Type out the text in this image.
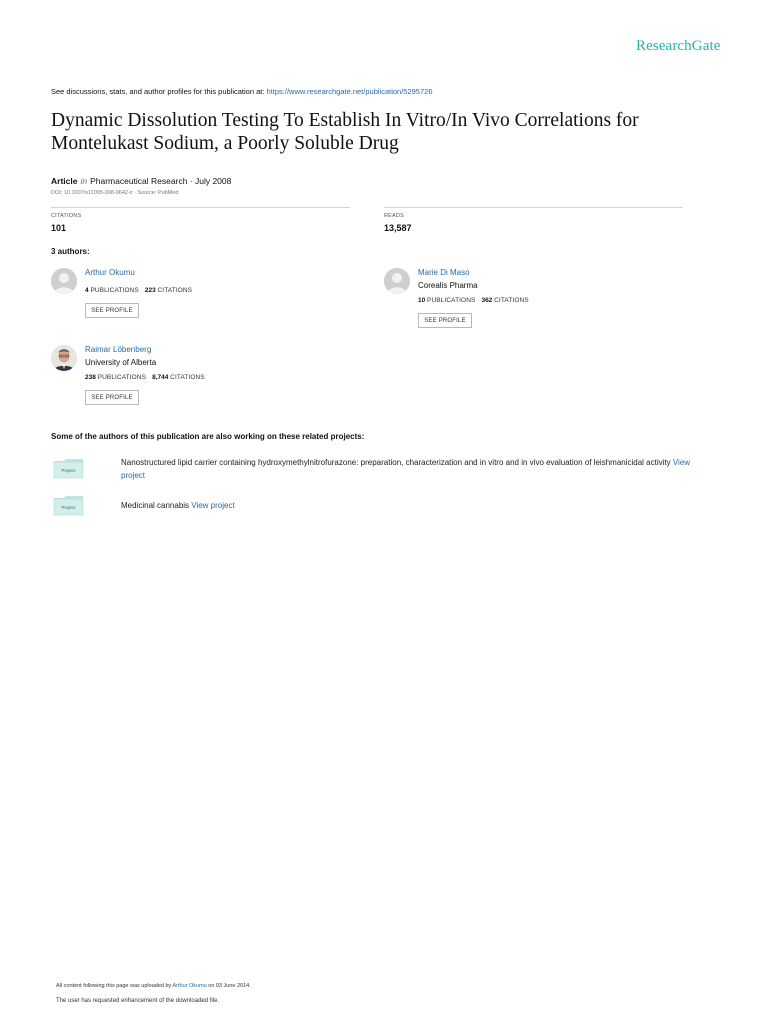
ResearchGate
See discussions, stats, and author profiles for this publication at: https://www.researchgate.net/publication/5295726
Dynamic Dissolution Testing To Establish In Vitro/In Vivo Correlations for
Montelukast Sodium, a Poorly Soluble Drug
Article in Pharmaceutical Research · July 2008
DOI: 10.1007/s11095-008-9642-z · Source: PubMed
CITATIONS
101
READS
13,587
3 authors:
Arthur Okumu
4 PUBLICATIONS 223 CITATIONS
SEE PROFILE
Marie Di Maso
Corealis Pharma
10 PUBLICATIONS 362 CITATIONS
SEE PROFILE
Raimar Löbenberg
University of Alberta
238 PUBLICATIONS 8,744 CITATIONS
SEE PROFILE
Some of the authors of this publication are also working on these related projects:
Project
Nanostructured lipid carrier containing hydroxymethylnitrofurazone: preparation, characterization and in vitro and in vivo evaluation of leishmanicidal activity View
project
Project	Medicinal cannabis View project
All content following this page was uploaded by Arthur Okumu on 03 June 2014.
The user has requested enhancement of the downloaded file.
